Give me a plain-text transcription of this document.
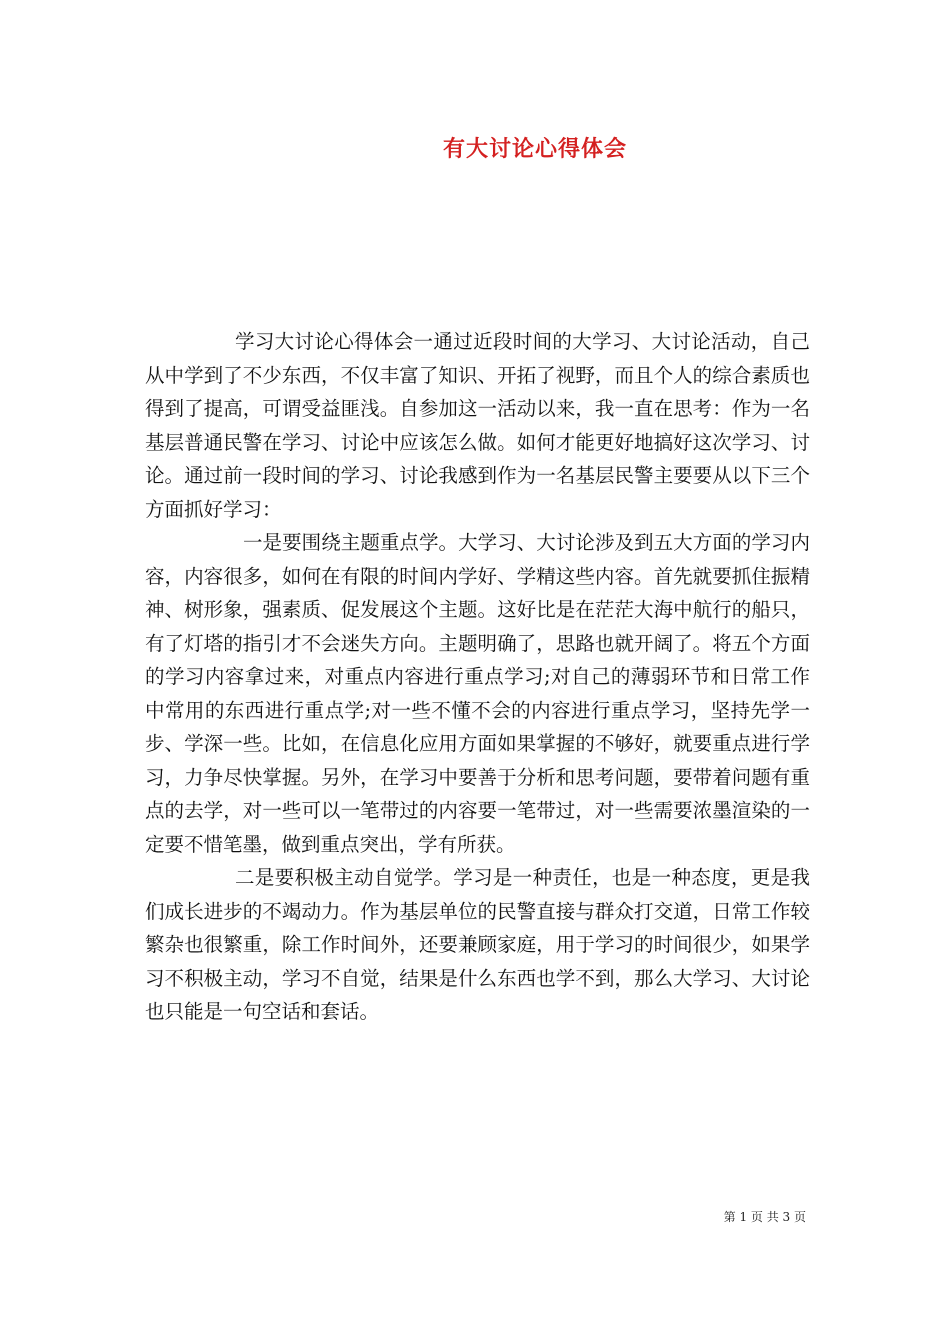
有大讨论心得体会

学习大讨论心得体会一通过近段时间的大学习、大讨论活动，自己从中学到了不少东西，不仅丰富了知识、开拓了视野，而且个人的综合素质也得到了提高，可谓受益匪浅。自参加这一活动以来，我一直在思考：作为一名基层普通民警在学习、讨论中应该怎么做。如何才能更好地搞好这次学习、讨论。通过前一段时间的学习、讨论我感到作为一名基层民警主要要从以下三个方面抓好学习：

一是要围绕主题重点学。大学习、大讨论涉及到五大方面的学习内容，内容很多，如何在有限的时间内学好、学精这些内容。首先就要抓住振精神、树形象，强素质、促发展这个主题。这好比是在茫茫大海中航行的船只，有了灯塔的指引才不会迷失方向。主题明确了，思路也就开阔了。将五个方面的学习内容拿过来，对重点内容进行重点学习;对自己的薄弱环节和日常工作中常用的东西进行重点学;对一些不懂不会的内容进行重点学习，坚持先学一步、学深一些。比如，在信息化应用方面如果掌握的不够好，就要重点进行学习，力争尽快掌握。另外，在学习中要善于分析和思考问题，要带着问题有重点的去学，对一些可以一笔带过的内容要一笔带过，对一些需要浓墨渲染的一定要不惜笔墨，做到重点突出，学有所获。

二是要积极主动自觉学。学习是一种责任，也是一种态度，更是我们成长进步的不竭动力。作为基层单位的民警直接与群众打交道，日常工作较繁杂也很繁重，除工作时间外，还要兼顾家庭，用于学习的时间很少，如果学习不积极主动，学习不自觉，结果是什么东西也学不到，那么大学习、大讨论也只能是一句空话和套话。

第 1 页 共 3 页
